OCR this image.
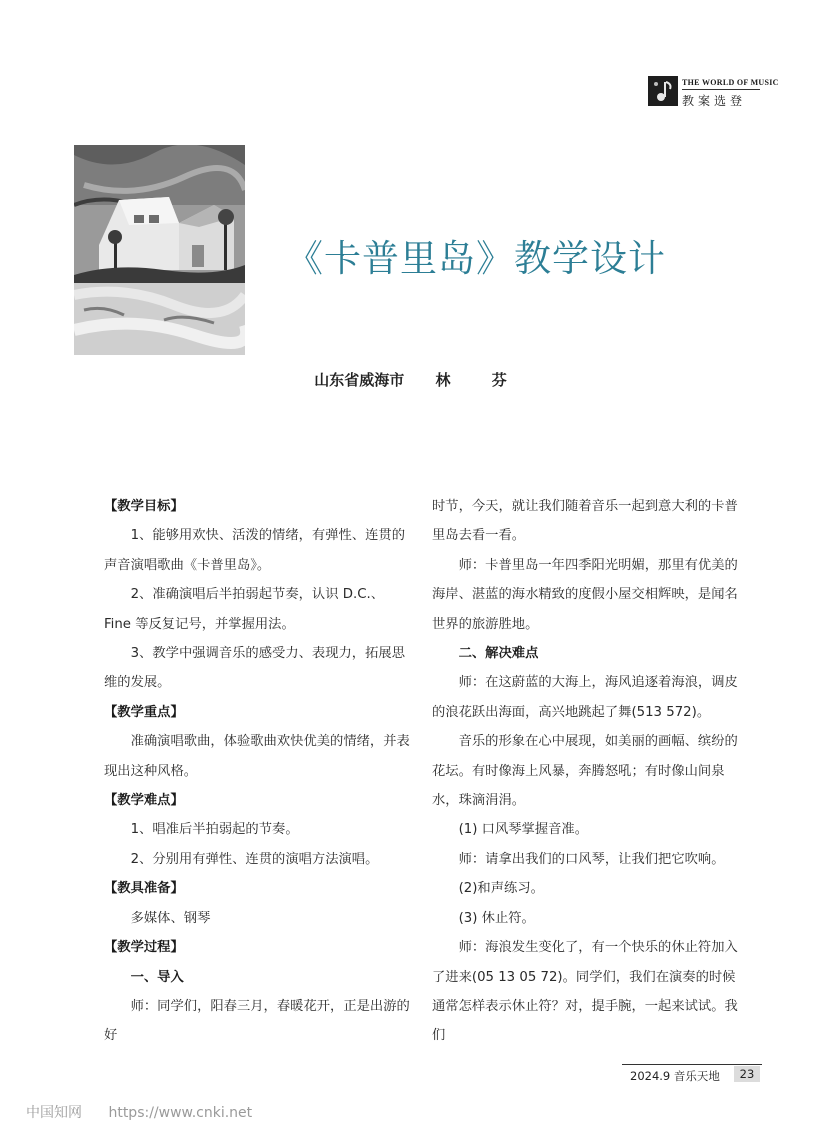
THE WORLD OF MUSIC
教案选登
《卡普里岛》教学设计
山东省威海市 林 芬

【教学目标】

1、能够用欢快、活泼的情绪，有弹性、连贯的声音演唱歌曲《卡普里岛》。

2、准确演唱后半拍弱起节奏，认识 D.C.、Fine 等反复记号，并掌握用法。

3、教学中强调音乐的感受力、表现力，拓展思维的发展。

【教学重点】

准确演唱歌曲，体验歌曲欢快优美的情绪，并表现出这种风格。

【教学难点】

1、唱准后半拍弱起的节奏。

2、分别用有弹性、连贯的演唱方法演唱。

【教具准备】

多媒体、钢琴

【教学过程】

一、导入

师：同学们，阳春三月，春暖花开，正是出游的好

时节，今天，就让我们随着音乐一起到意大利的卡普里岛去看一看。

师：卡普里岛一年四季阳光明媚，那里有优美的海岸、湛蓝的海水精致的度假小屋交相辉映，是闻名世界的旅游胜地。

二、解决难点

师：在这蔚蓝的大海上，海风追逐着海浪，调皮的浪花跃出海面，高兴地跳起了舞(513 572)。

音乐的形象在心中展现，如美丽的画幅、缤纷的花坛。有时像海上风暴，奔腾怒吼；有时像山间泉水，珠滴涓涓。

(1) 口风琴掌握音准。

师：请拿出我们的口风琴，让我们把它吹响。

(2)和声练习。

(3) 休止符。

师：海浪发生变化了，有一个快乐的休止符加入了进来(05 13 05 72)。同学们，我们在演奏的时候通常怎样表示休止符？对，提手腕，一起来试试。我们

2024.9 音乐天地	23
中国知网 https://www.cnki.net
